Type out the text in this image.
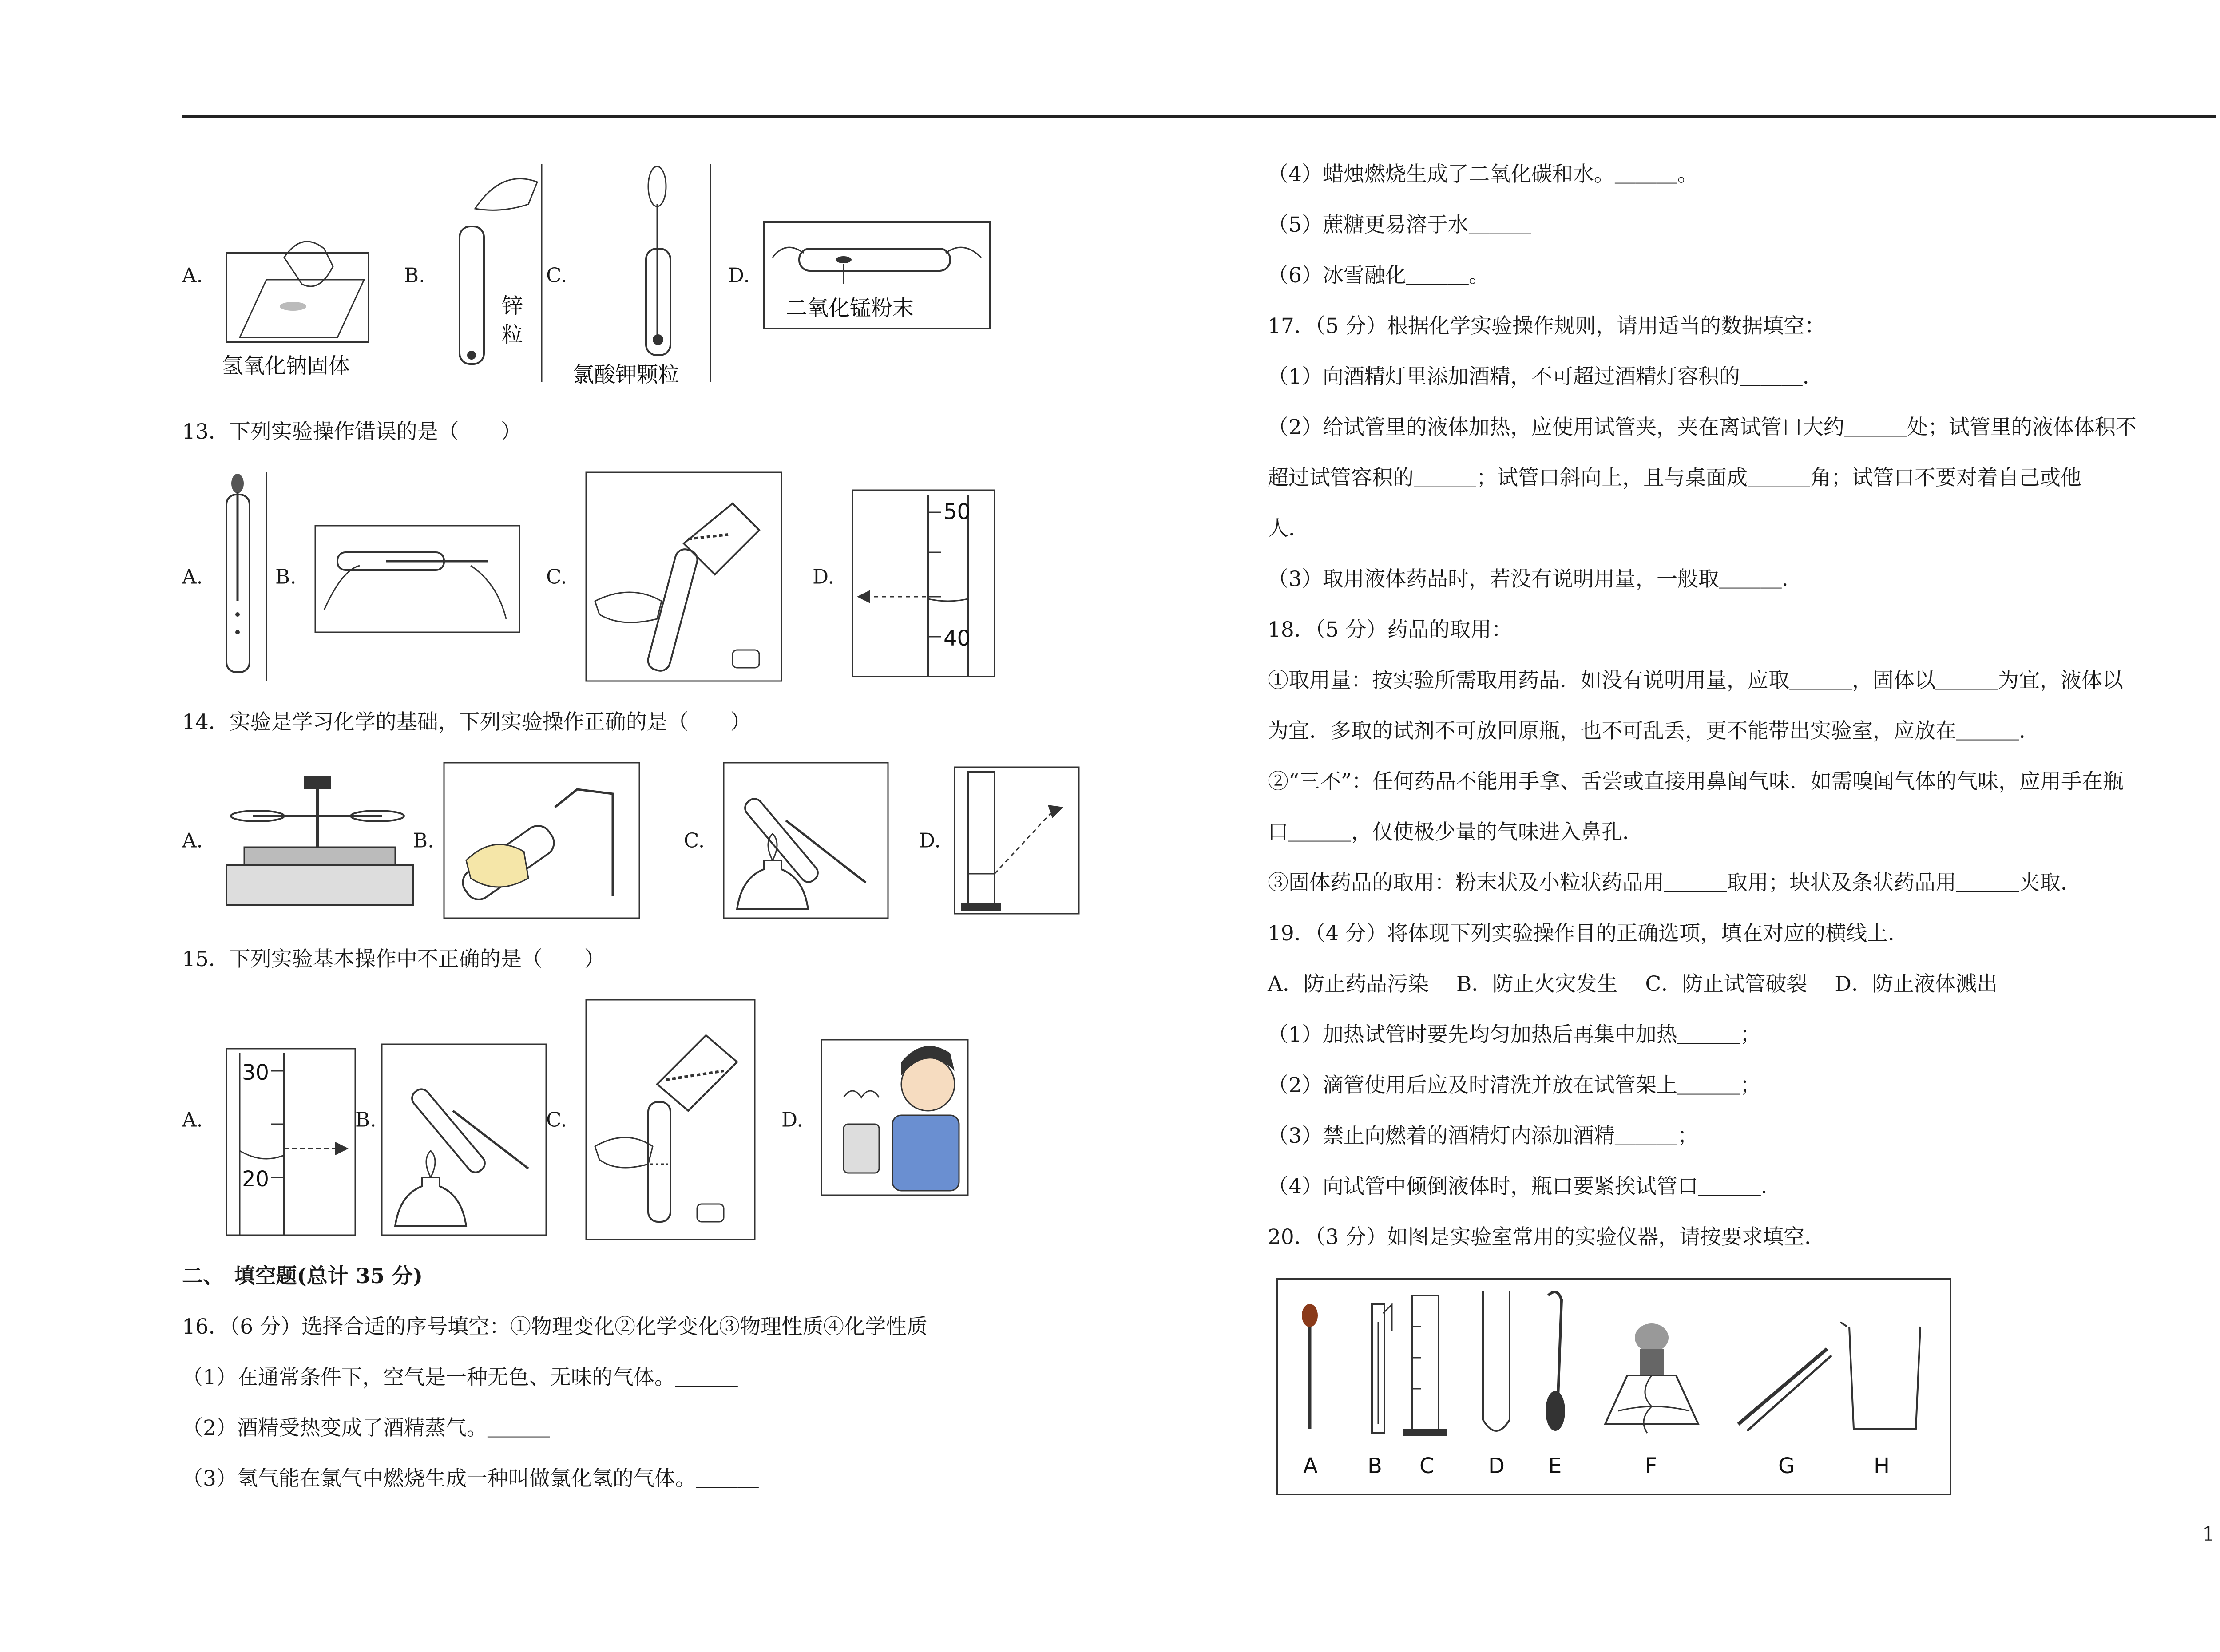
A.
氢氧化钠固体
B.
锌
粒
C.
氯酸钾颗粒
D.
二氧化锰粉末
13．下列实验操作错误的是（　　）
A.	B.	C.	D.
50
40
14．实验是学习化学的基础，下列实验操作正确的是（　　）
A.	B.	C.	D.
15．下列实验基本操作中不正确的是（　　）
A.
30
20
B.	C.	D.
二、　填空题(总计 35 分)
16．（6 分）选择合适的序号填空：①物理变化②化学变化③物理性质④化学性质
（1）在通常条件下，空气是一种无色、无味的气体。＿＿＿
（2）酒精受热变成了酒精蒸气。＿＿＿
（3）氢气能在氯气中燃烧生成一种叫做氯化氢的气体。＿＿＿
（4）蜡烛燃烧生成了二氧化碳和水。＿＿＿。
（5）蔗糖更易溶于水＿＿＿
（6）冰雪融化＿＿＿。
17．（5 分）根据化学实验操作规则，请用适当的数据填空：
（1）向酒精灯里添加酒精，不可超过酒精灯容积的＿＿＿．
（2）给试管里的液体加热，应使用试管夹，夹在离试管口大约＿＿＿处；试管里的液体体积不
超过试管容积的＿＿＿；试管口斜向上，且与桌面成＿＿＿角；试管口不要对着自己或他
人．
（3）取用液体药品时，若没有说明用量，一般取＿＿＿．
18．（5 分）药品的取用：
①取用量：按实验所需取用药品．如没有说明用量，应取＿＿＿，固体以＿＿＿为宜，液体以
为宜．多取的试剂不可放回原瓶，也不可乱丢，更不能带出实验室，应放在＿＿＿．
②“三不”：任何药品不能用手拿、舌尝或直接用鼻闻气味．如需嗅闻气体的气味，应用手在瓶
口＿＿＿，仅使极少量的气味进入鼻孔．
③固体药品的取用：粉末状及小粒状药品用＿＿＿取用；块状及条状药品用＿＿＿夹取．
19．（4 分）将体现下列实验操作目的正确选项，填在对应的横线上．
A．防止药品污染　 B．防止火灾发生　 C．防止试管破裂　 D．防止液体溅出
（1）加热试管时要先均匀加热后再集中加热＿＿＿；
（2）滴管使用后应及时清洗并放在试管架上＿＿＿；
（3）禁止向燃着的酒精灯内添加酒精＿＿＿；
（4）向试管中倾倒液体时，瓶口要紧挨试管口＿＿＿．
20．（3 分）如图是实验室常用的实验仪器，请按要求填空．
A B C	D E	F	G	H
1
